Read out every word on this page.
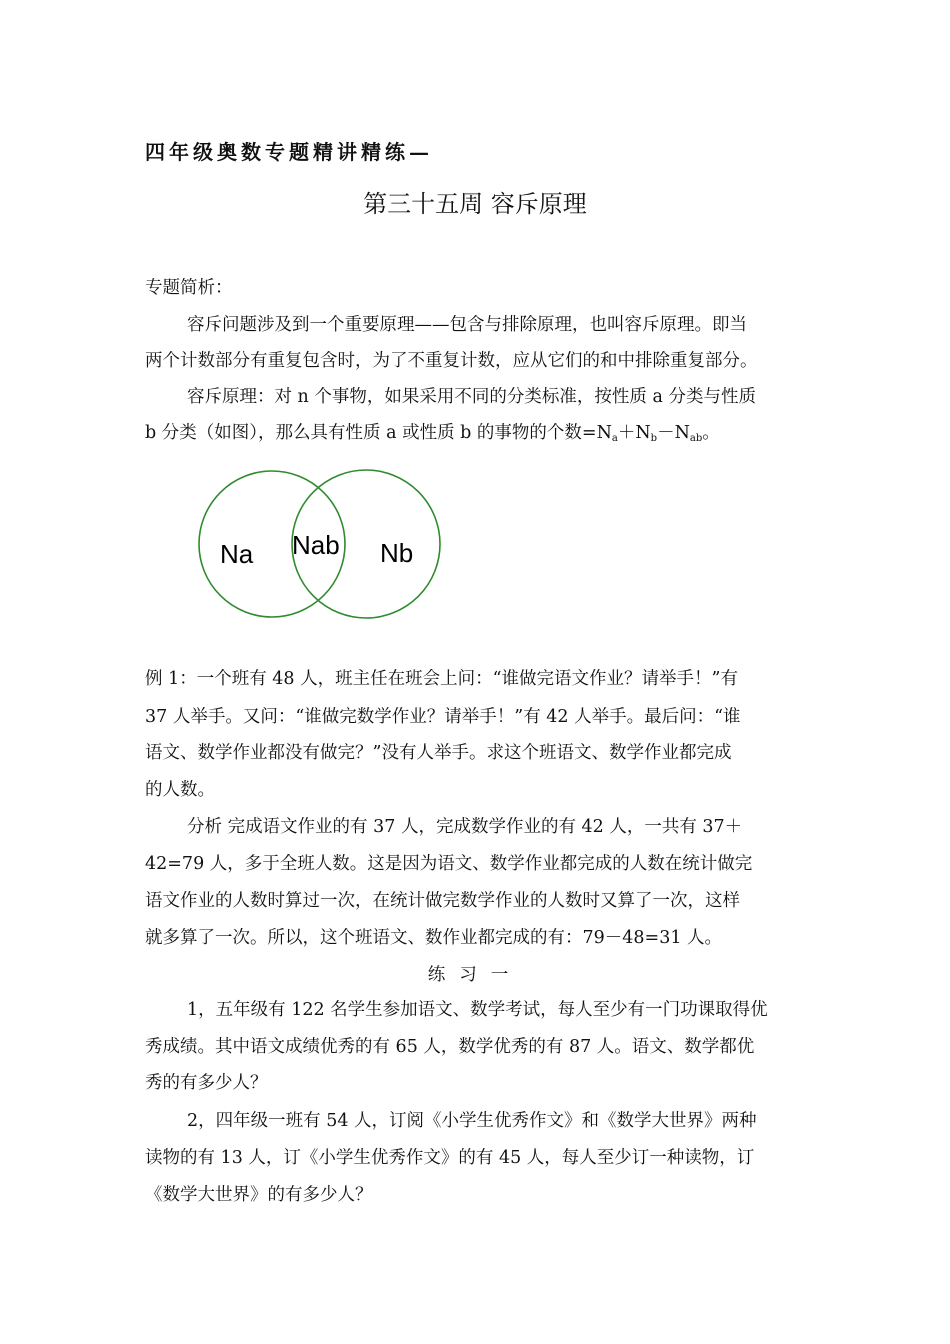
四年级奥数专题精讲精练—
第三十五周 容斥原理
专题简析：
容斥问题涉及到一个重要原理——包含与排除原理，也叫容斥原理。即当
两个计数部分有重复包含时，为了不重复计数，应从它们的和中排除重复部分。
容斥原理：对 n 个事物，如果采用不同的分类标准，按性质 a 分类与性质
b 分类（如图），那么具有性质 a 或性质 b 的事物的个数$=N_a+N_b-N_{ab}$。
Na Nab Nb
例 1：一个班有 48 人，班主任在班会上问：“谁做完语文作业？请举手！”有
37 人举手。又问：“谁做完数学作业？请举手！”有 42 人举手。最后问：“谁
语文、数学作业都没有做完？”没有人举手。求这个班语文、数学作业都完成
的人数。
分析 完成语文作业的有 37 人，完成数学作业的有 42 人，一共有 37＋
42=79 人，多于全班人数。这是因为语文、数学作业都完成的人数在统计做完
语文作业的人数时算过一次，在统计做完数学作业的人数时又算了一次，这样
就多算了一次。所以，这个班语文、数作业都完成的有：79－48=31 人。
练习一
1，五年级有 122 名学生参加语文、数学考试，每人至少有一门功课取得优
秀成绩。其中语文成绩优秀的有 65 人，数学优秀的有 87 人。语文、数学都优
秀的有多少人？
2，四年级一班有 54 人，订阅《小学生优秀作文》和《数学大世界》两种
读物的有 13 人，订《小学生优秀作文》的有 45 人，每人至少订一种读物，订
《数学大世界》的有多少人？
